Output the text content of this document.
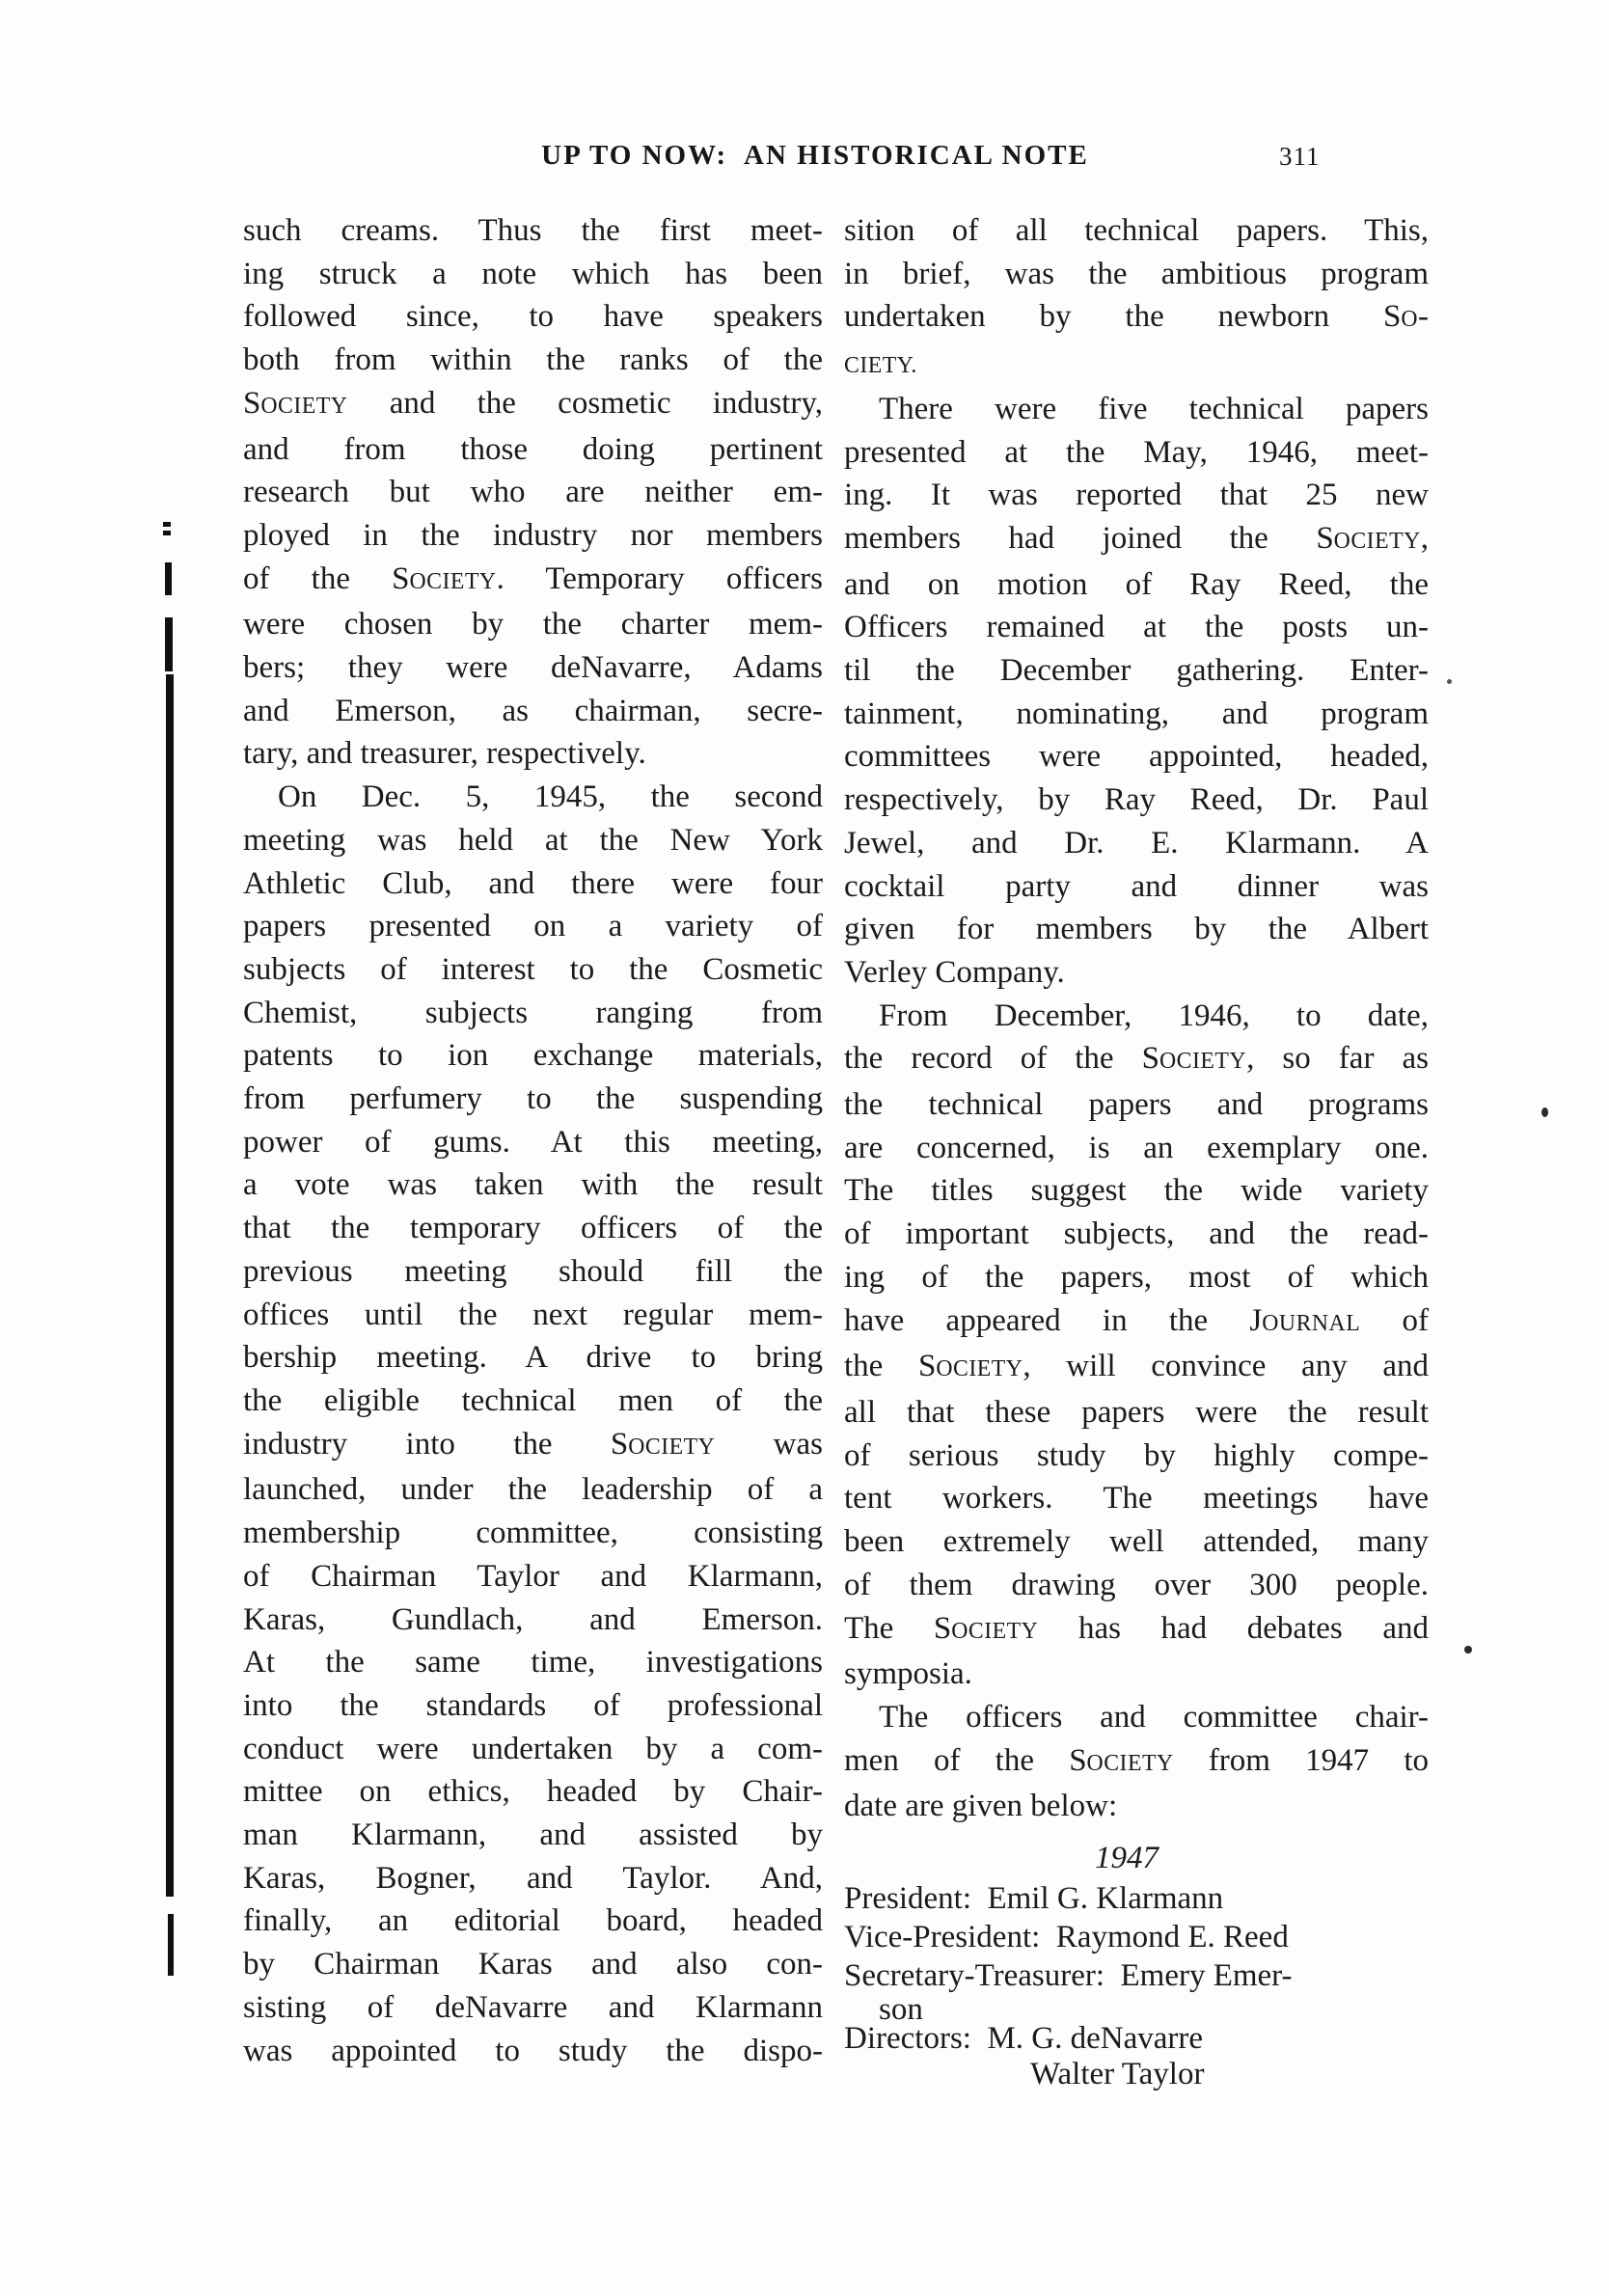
UP TO NOW:  AN HISTORICAL NOTE	311
such creams. Thus the first meet-
ing struck a note which has been
followed since, to have speakers
both from within the ranks of the
SOCIETY and the cosmetic industry,
and from those doing pertinent
research but who are neither em-
ployed in the industry nor members
of the SOCIETY. Temporary officers
were chosen by the charter mem-
bers; they were deNavarre, Adams
and Emerson, as chairman, secre-
tary, and treasurer, respectively.
On Dec. 5, 1945, the second
meeting was held at the New York
Athletic Club, and there were four
papers presented on a variety of
subjects of interest to the Cosmetic
Chemist, subjects ranging from
patents to ion exchange materials,
from perfumery to the suspending
power of gums. At this meeting,
a vote was taken with the result
that the temporary officers of the
previous meeting should fill the
offices until the next regular mem-
bership meeting. A drive to bring
the eligible technical men of the
industry into the SOCIETY was
launched, under the leadership of a
membership committee, consisting
of Chairman Taylor and Klarmann,
Karas, Gundlach, and Emerson.
At the same time, investigations
into the standards of professional
conduct were undertaken by a com-
mittee on ethics, headed by Chair-
man Klarmann, and assisted by
Karas, Bogner, and Taylor. And,
finally, an editorial board, headed
by Chairman Karas and also con-
sisting of deNavarre and Klarmann
was appointed to study the dispo-
sition of all technical papers. This,
in brief, was the ambitious program
undertaken by the newborn SO-
CIETY.
There were five technical papers
presented at the May, 1946, meet-
ing. It was reported that 25 new
members had joined the SOCIETY,
and on motion of Ray Reed, the
Officers remained at the posts un-
til the December gathering. Enter-
tainment, nominating, and program
committees were appointed, headed,
respectively, by Ray Reed, Dr. Paul
Jewel, and Dr. E. Klarmann. A
cocktail party and dinner was
given for members by the Albert
Verley Company.
From December, 1946, to date,
the record of the SOCIETY, so far as
the technical papers and programs
are concerned, is an exemplary one.
The titles suggest the wide variety
of important subjects, and the read-
ing of the papers, most of which
have appeared in the JOURNAL of
the SOCIETY, will convince any and
all that these papers were the result
of serious study by highly compe-
tent workers. The meetings have
been extremely well attended, many
of them drawing over 300 people.
The SOCIETY has had debates and
symposia.
The officers and committee chair-
men of the SOCIETY from 1947 to
date are given below:
1947
President:  Emil G. Klarmann
Vice-President:  Raymond E. Reed
Secretary-Treasurer:  Emery Emer-
son
Directors:  M. G. deNavarre
Walter Taylor
